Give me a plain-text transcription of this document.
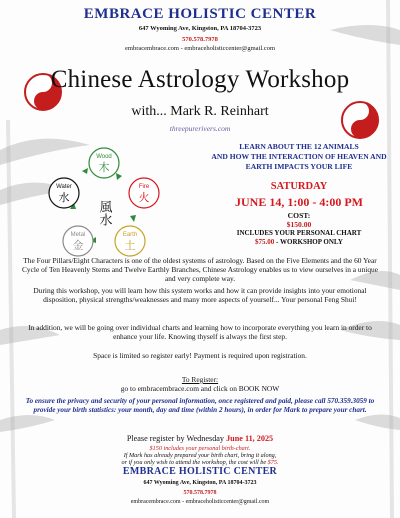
EMBRACE HOLISTIC CENTER
647 Wyoming Ave, Kingston, PA 18704-3723
570.578.7978
embracembrace.com - embraceholisticcenter@gmail.com
Chinese Astrology Workshop
with... Mark R. Reinhart
threepurerivers.com
Wood
木
Fire
火
Earth
土
Metal
金
Water
水
風水
LEARN ABOUT THE 12 ANIMALS
AND HOW THE INTERACTION OF HEAVEN AND
EARTH IMPACTS YOUR LIFE
SATURDAY
JUNE 14, 1:00 - 4:00 PM
COST:
$150.00
INCLUDES YOUR PERSONAL CHART
$75.00 - WORKSHOP ONLY
The Four Pillars/Eight Characters is one of the oldest systems of astrology. Based on the Five Elements and the 60 Year Cycle of Ten Heavenly Stems and Twelve Earthly Branches, Chinese Astrology enables us to view ourselves in a unique and very complete way.
During this workshop, you will learn how this system works and how it can provide insights into your emotional disposition, physical strengths/weaknesses and many more aspects of yourself... Your personal Feng Shui!
In addition, we will be going over individual charts and learning how to incorporate everything you learn in order to enhance your life. Knowing thyself is always the first step.
Space is limited so register early! Payment is required upon registration.
To Register:
go to embracembrace.com and click on BOOK NOW
To ensure the privacy and security of your personal information, once registered and paid, please call 570.359.3059 to provide your birth statistics: your month, day and time (within 2 hours), in order for Mark to prepare your chart.
Please register by Wednesday June 11, 2025
$150 includes your personal birth-chart.
If Mark has already prepared your birth chart, bring it along,
or if you only wish to attend the workshop, the cost will be $75.
EMBRACE HOLISTIC CENTER
647 Wyoming Ave, Kingston, PA 18704-3723
570.578.7978
embracembrace.com - embraceholisticcenter@gmail.com
